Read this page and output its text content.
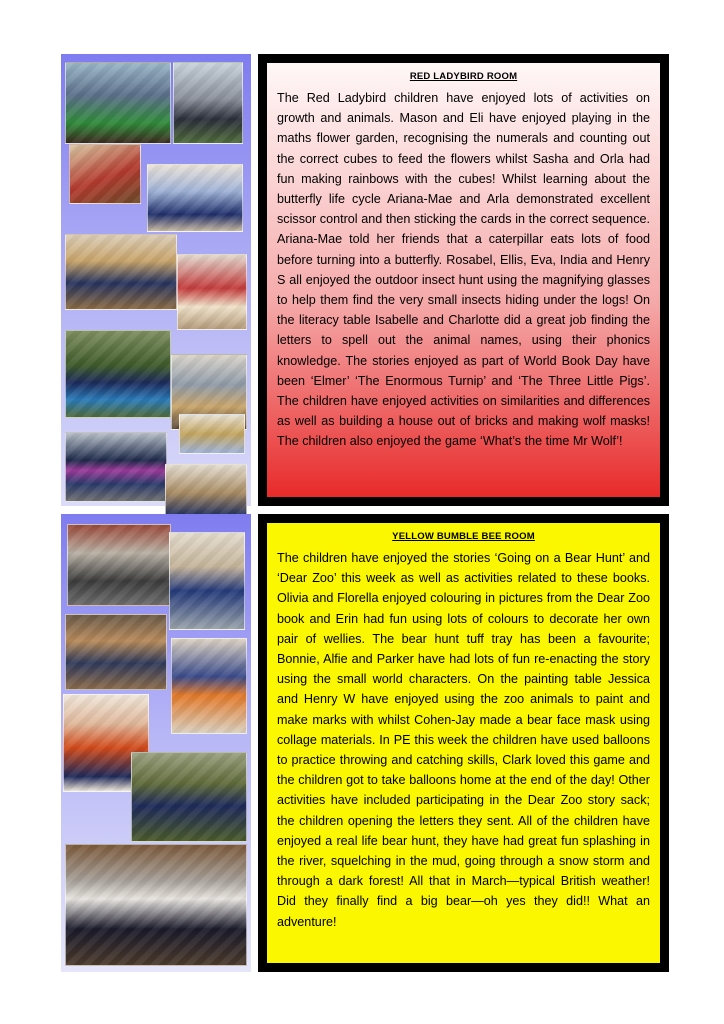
RED LADYBIRD ROOM

The Red Ladybird children have enjoyed lots of activities on growth and animals. Mason and Eli have enjoyed playing in the maths flower garden, recognising the numerals and counting out the correct cubes to feed the flowers whilst Sasha and Orla had fun making rainbows with the cubes! Whilst learning about the butterfly life cycle Ariana-Mae and Arla demonstrated excellent scissor control and then sticking the cards in the correct sequence. Ariana-Mae told her friends that a caterpillar eats lots of food before turning into a butterfly. Rosabel, Ellis, Eva, India and Henry S all enjoyed the outdoor insect hunt using the magnifying glasses to help them find the very small insects hiding under the logs! On the literacy table Isabelle and Charlotte did a great job finding the letters to spell out the animal names, using their phonics knowledge. The stories enjoyed as part of World Book Day have been ‘Elmer’ ‘The Enormous Turnip’ and ‘The Three Little Pigs’. The children have enjoyed activities on similarities and differences as well as building a house out of bricks and making wolf masks! The children also enjoyed the game ‘What’s the time Mr Wolf’!

YELLOW BUMBLE BEE ROOM

The children have enjoyed the stories ‘Going on a Bear Hunt’ and ‘Dear Zoo’ this week as well as activities related to these books. Olivia and Florella enjoyed colouring in pictures from the Dear Zoo book and Erin had fun using lots of colours to decorate her own pair of wellies. The bear hunt tuff tray has been a favourite; Bonnie, Alfie and Parker have had lots of fun re-enacting the story using the small world characters. On the painting table Jessica and Henry W have enjoyed using the zoo animals to paint and make marks with whilst Cohen-Jay made a bear face mask using collage materials. In PE this week the children have used balloons to practice throwing and catching skills, Clark loved this game and the children got to take balloons home at the end of the day! Other activities have included participating in the Dear Zoo story sack; the children opening the letters they sent. All of the children have enjoyed a real life bear hunt, they have had great fun splashing in the river, squelching in the mud, going through a snow storm and through a dark forest! All that in March—typical British weather! Did they finally find a big bear—oh yes they did!! What an adventure!
